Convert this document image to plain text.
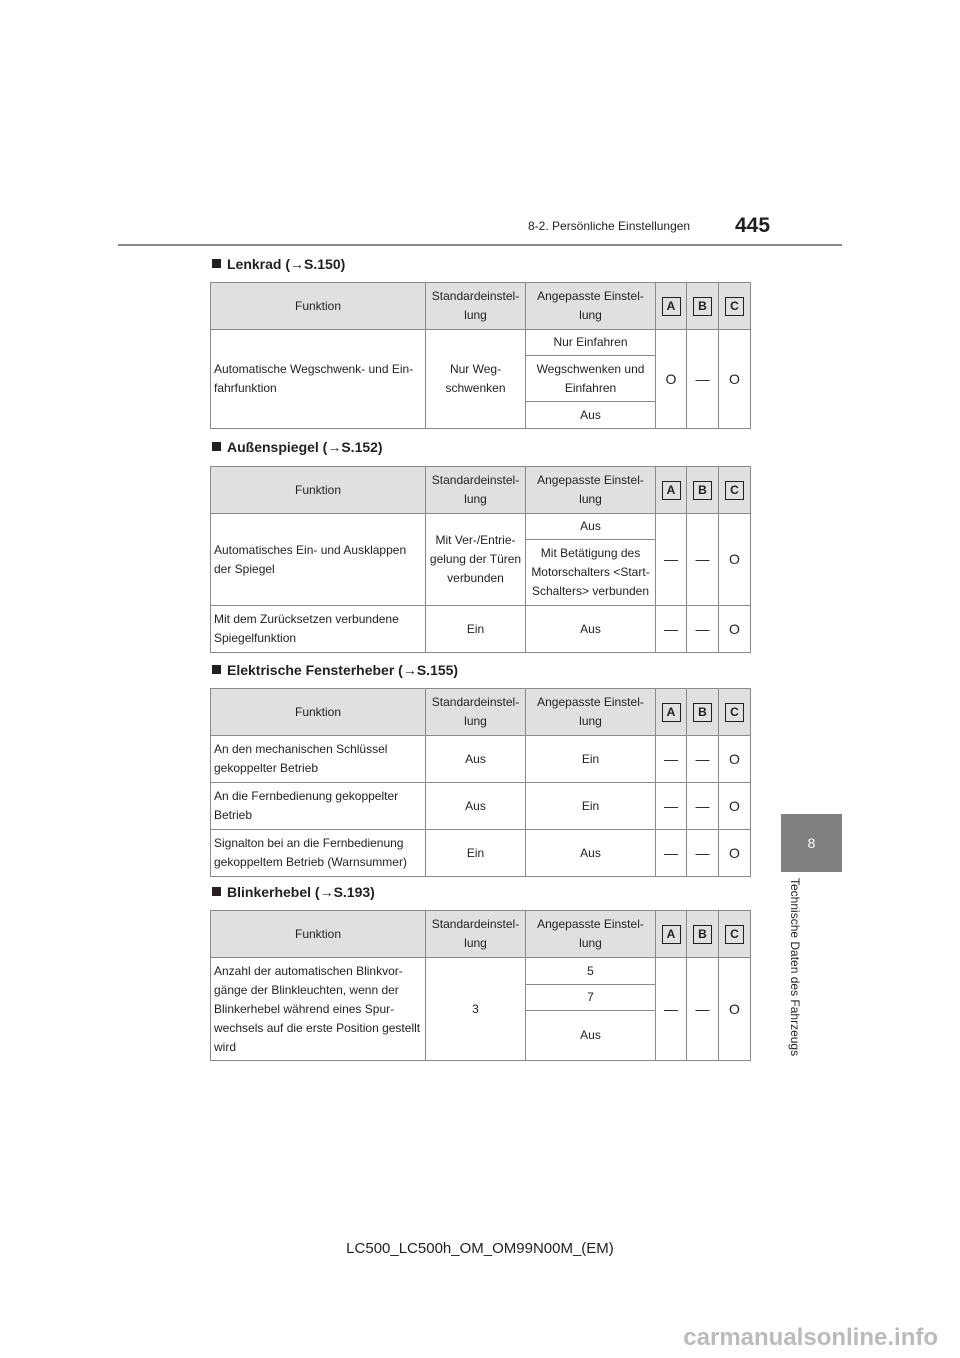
8-2. Persönliche Einstellungen 445
8
Technische Daten des Fahrzeugs
Lenkrad (→S.150)
Funktion	Standardeinstel-lung	Angepasste Einstel-lung	A	B	C
Automatische Wegschwenk- und Ein-fahrfunktion	Nur Weg-schwenken	Nur Einfahren	O	—	O
		Wegschwenken und Einfahren			
		Aus			
Außenspiegel (→S.152)
Funktion	Standardeinstel-lung	Angepasste Einstel-lung	A	B	C
Automatisches Ein- und Ausklappen der Spiegel	Mit Ver-/Entrie-gelung der Türen verbunden	Aus	—	—	O
		Mit Betätigung des Motorschalters <Start-Schalters> verbunden			
Mit dem Zurücksetzen verbundene Spiegelfunktion	Ein	Aus	—	—	O
Elektrische Fensterheber (→S.155)
Funktion	Standardeinstel-lung	Angepasste Einstel-lung	A	B	C
An den mechanischen Schlüssel gekoppelter Betrieb	Aus	Ein	—	—	O
An die Fernbedienung gekoppelter Betrieb	Aus	Ein	—	—	O
Signalton bei an die Fernbedienung gekoppeltem Betrieb (Warnsummer)	Ein	Aus	—	—	O
Blinkerhebel (→S.193)
Funktion	Standardeinstel-lung	Angepasste Einstel-lung	A	B	C
Anzahl der automatischen Blinkvor-gänge der Blinkleuchten, wenn der Blinkerhebel während eines Spur-wechsels auf die erste Position gestellt wird	3	5	—	—	O
		7			
		Aus			
LC500_LC500h_OM_OM99N00M_(EM)
carmanualsonline.info
